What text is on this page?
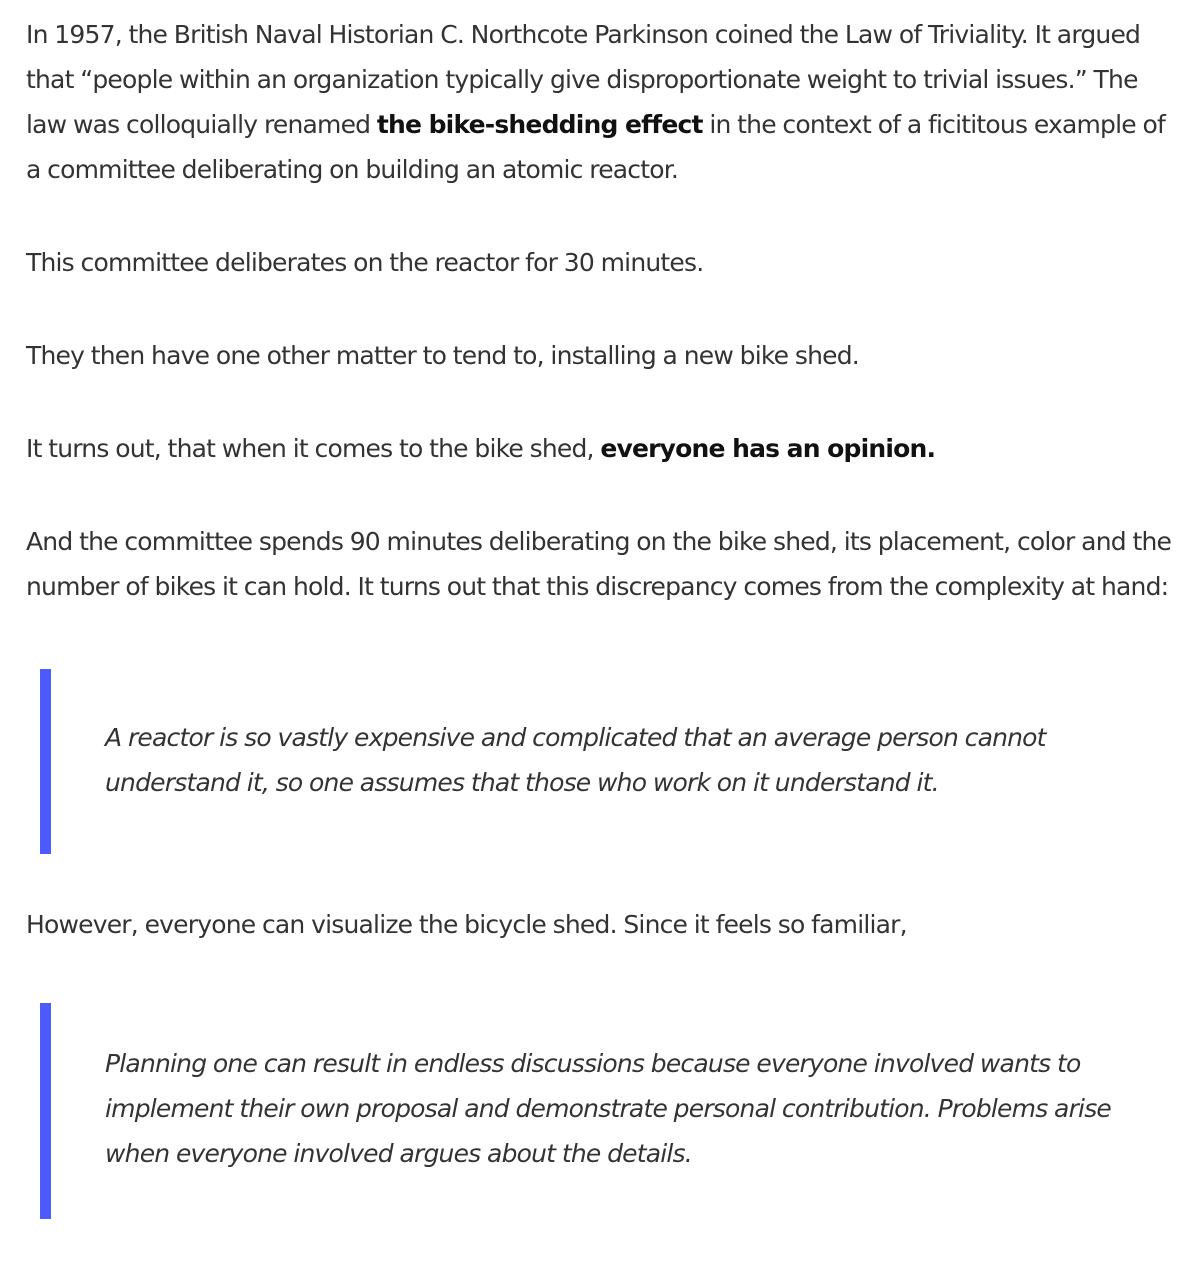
In 1957, the British Naval Historian C. Northcote Parkinson coined the Law of Triviality. It argued that “people within an organization typically give disproportionate weight to trivial issues.” The law was colloquially renamed the bike-shedding effect in the context of a ficititous example of a committee deliberating on building an atomic reactor.

This committee deliberates on the reactor for 30 minutes.

They then have one other matter to tend to, installing a new bike shed.

It turns out, that when it comes to the bike shed, everyone has an opinion.

And the committee spends 90 minutes deliberating on the bike shed, its placement, color and the number of bikes it can hold. It turns out that this discrepancy comes from the complexity at hand:

A reactor is so vastly expensive and complicated that an average person cannot understand it, so one assumes that those who work on it understand it.

However, everyone can visualize the bicycle shed. Since it feels so familiar,

Planning one can result in endless discussions because everyone involved wants to implement their own proposal and demonstrate personal contribution. Problems arise when everyone involved argues about the details.
